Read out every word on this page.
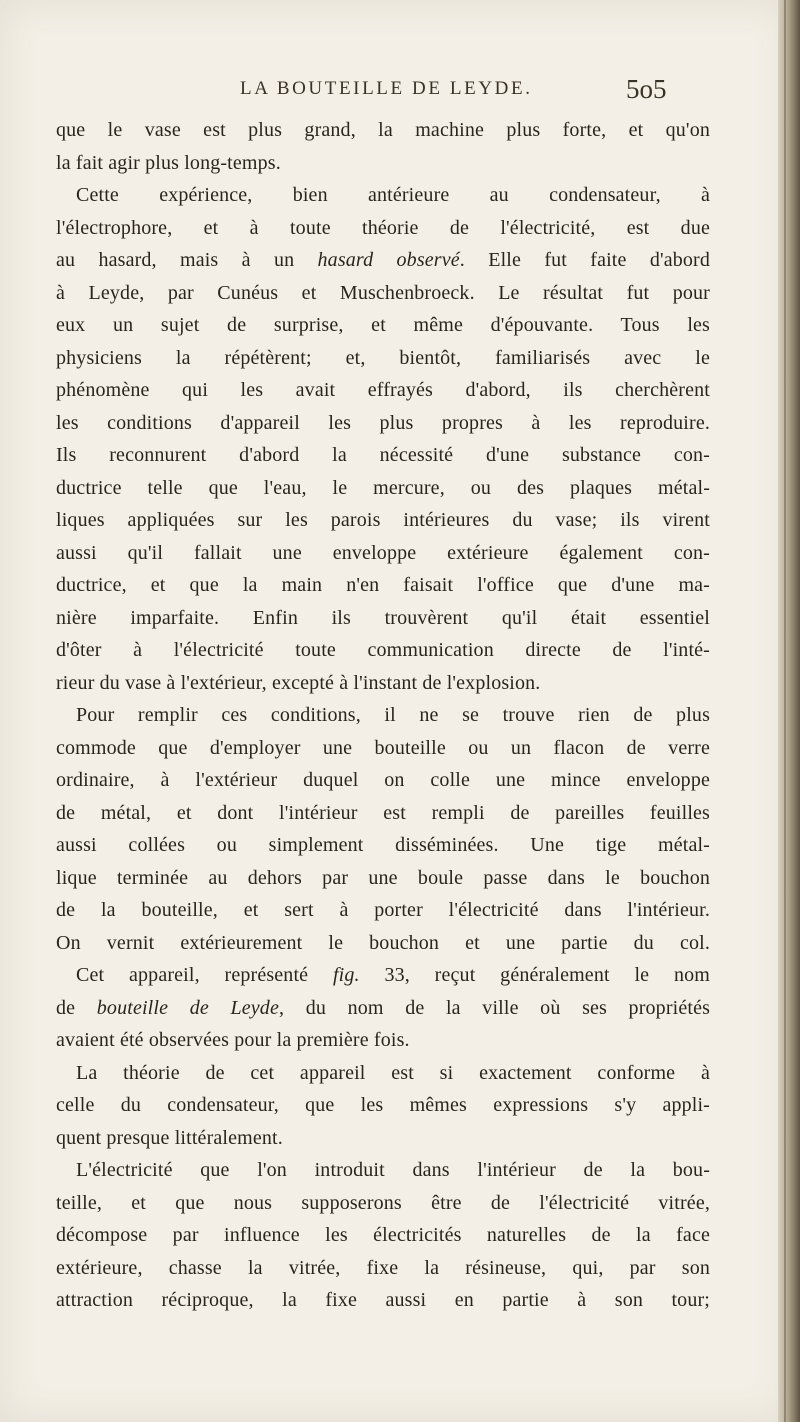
LA BOUTEILLE DE LEYDE.	5o5
que le vase est plus grand, la machine plus forte, et qu'on
la fait agir plus long-temps.
Cette expérience, bien antérieure au condensateur, à
l'électrophore, et à toute théorie de l'électricité, est due
au hasard, mais à un hasard observé. Elle fut faite d'abord
à Leyde, par Cunéus et Muschenbroeck. Le résultat fut pour
eux un sujet de surprise, et même d'épouvante. Tous les
physiciens la répétèrent; et, bientôt, familiarisés avec le
phénomène qui les avait effrayés d'abord, ils cherchèrent
les conditions d'appareil les plus propres à les reproduire.
Ils reconnurent d'abord la nécessité d'une substance con-
ductrice telle que l'eau, le mercure, ou des plaques métal-
liques appliquées sur les parois intérieures du vase; ils virent
aussi qu'il fallait une enveloppe extérieure également con-
ductrice, et que la main n'en faisait l'office que d'une ma-
nière imparfaite. Enfin ils trouvèrent qu'il était essentiel
d'ôter à l'électricité toute communication directe de l'inté-
rieur du vase à l'extérieur, excepté à l'instant de l'explosion.
Pour remplir ces conditions, il ne se trouve rien de plus
commode que d'employer une bouteille ou un flacon de verre
ordinaire, à l'extérieur duquel on colle une mince enveloppe
de métal, et dont l'intérieur est rempli de pareilles feuilles
aussi collées ou simplement disséminées. Une tige métal-
lique terminée au dehors par une boule passe dans le bouchon
de la bouteille, et sert à porter l'électricité dans l'intérieur.
On vernit extérieurement le bouchon et une partie du col.
Cet appareil, représenté fig. 33, reçut généralement le nom
de bouteille de Leyde, du nom de la ville où ses propriétés
avaient été observées pour la première fois.
La théorie de cet appareil est si exactement conforme à
celle du condensateur, que les mêmes expressions s'y appli-
quent presque littéralement.
L'électricité que l'on introduit dans l'intérieur de la bou-
teille, et que nous supposerons être de l'électricité vitrée,
décompose par influence les électricités naturelles de la face
extérieure, chasse la vitrée, fixe la résineuse, qui, par son
attraction réciproque, la fixe aussi en partie à son tour;
